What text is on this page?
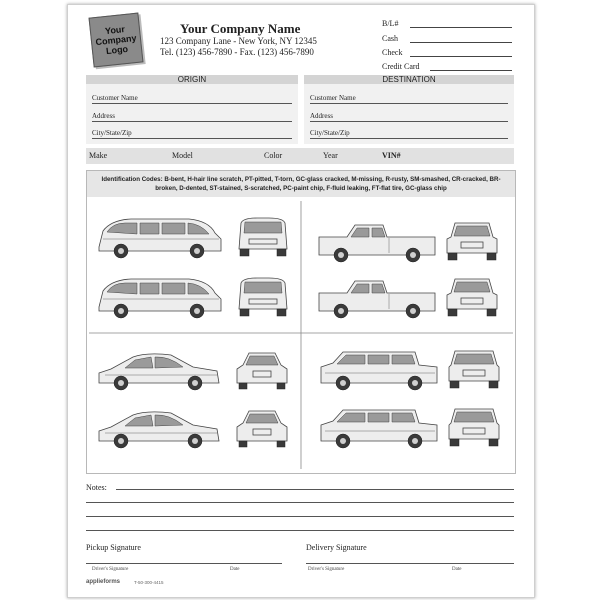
Your
Company
Logo
Your Company Name
123 Company Lane - New York, NY 12345
Tel. (123) 456-7890 - Fax. (123) 456-7890
B/L#
Cash
Check
Credit Card
ORIGIN	DESTINATION
Customer Name
Address
City/State/Zip
Customer Name
Address
City/State/Zip
Make	Model	Color	Year	VIN#
Identification Codes: B-bent, H-hair line scratch, PT-pitted, T-torn, GC-glass cracked, M-missing, R-rusty, SM-smashed, CR-cracked, BR-broken, D-dented, ST-stained, S-scratched, PC-paint chip, F-fluid leaking, FT-flat tire, GC-glass chip
Notes:
Pickup Signature	Delivery Signature
Driver's Signature	Date	Driver's Signature	Date
applieforms	T-50-300-4415
